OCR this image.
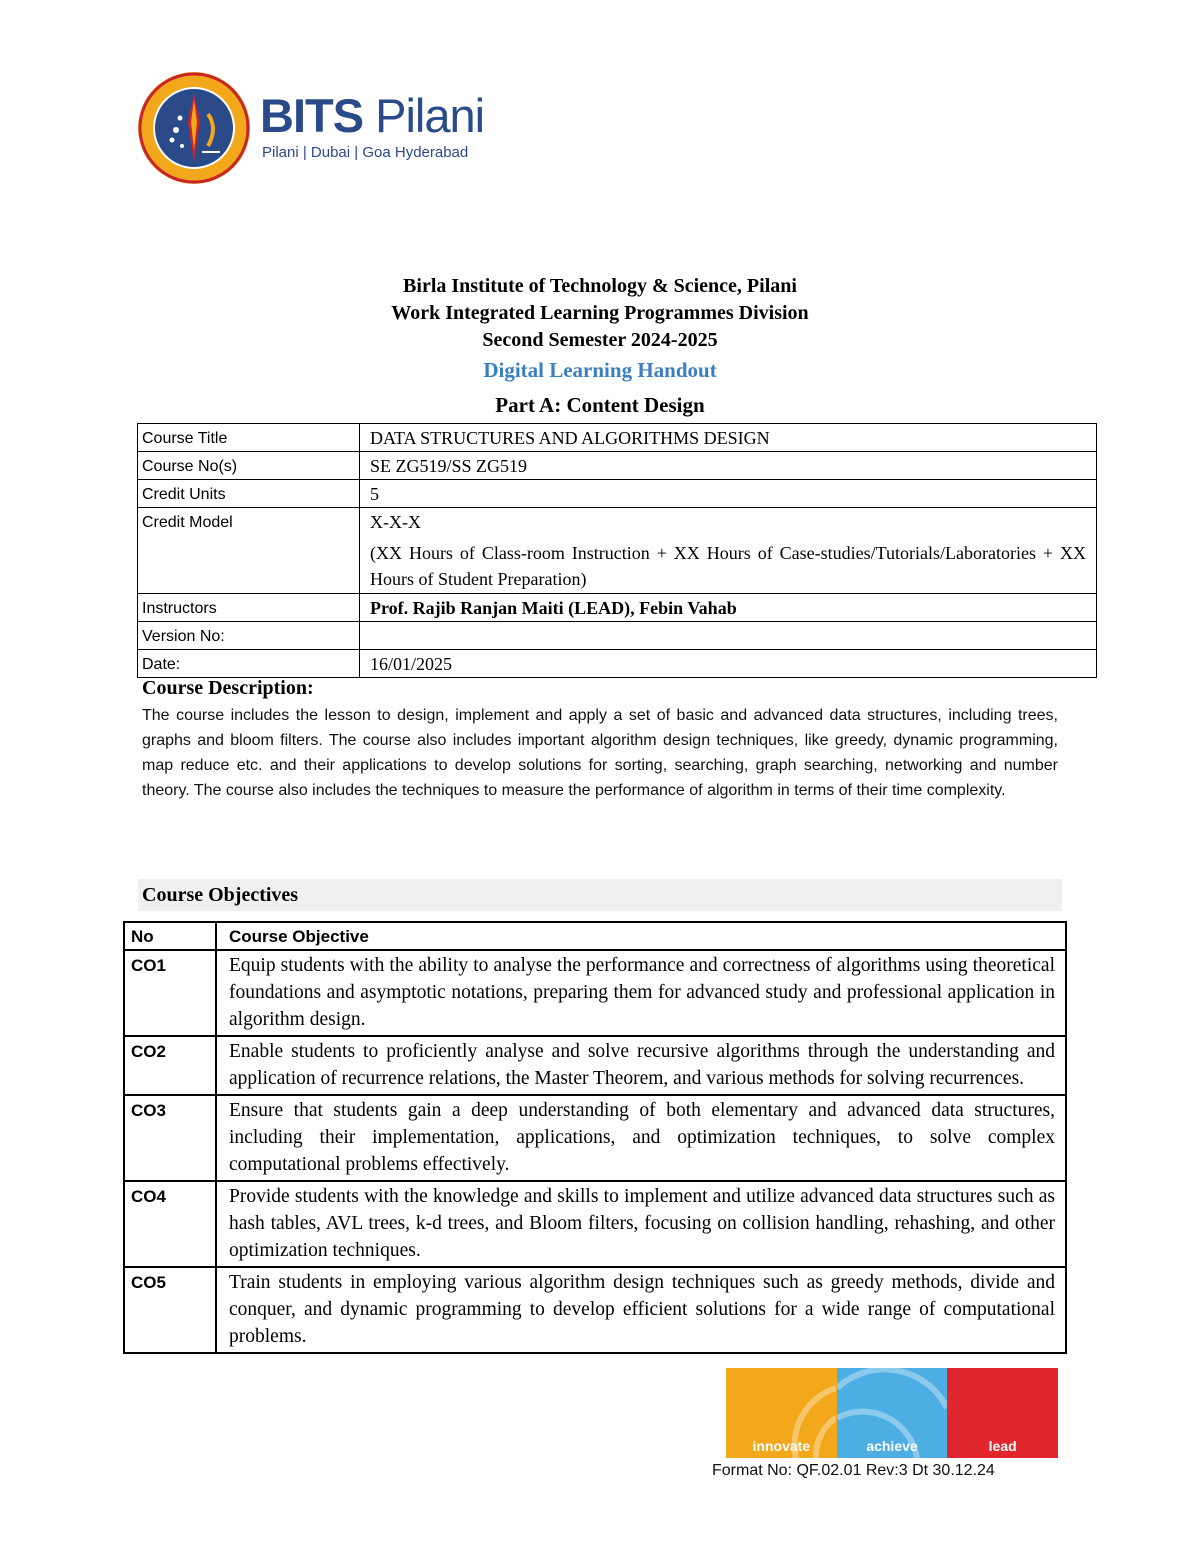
BITS Pilani
Pilani | Dubai | Goa Hyderabad
Birla Institute of Technology & Science, Pilani
Work Integrated Learning Programmes Division
Second Semester 2024-2025
Digital Learning Handout
Part A: Content Design
Course Title	DATA STRUCTURES AND ALGORITHMS DESIGN
Course No(s)	SE ZG519/SS ZG519
Credit Units	5
Credit Model	X-X-X
(XX Hours of Class-room Instruction + XX Hours of Case-studies/Tutorials/Laboratories + XX Hours of Student Preparation)

Instructors	Prof. Rajib Ranjan Maiti (LEAD), Febin Vahab
Version No:	
Date:	16/01/2025
Course Description:
The course includes the lesson to design, implement and apply a set of basic and advanced data structures, including trees, graphs and bloom filters. The course also includes important algorithm design techniques, like greedy, dynamic programming, map reduce etc. and their applications to develop solutions for sorting, searching, graph searching, networking and number theory. The course also includes the techniques to measure the performance of algorithm in terms of their time complexity.
Course Objectives
No	Course Objective
CO1	Equip students with the ability to analyse the performance and correctness of algorithms using theoretical foundations and asymptotic notations, preparing them for advanced study and professional application in algorithm design.
CO2	Enable students to proficiently analyse and solve recursive algorithms through the understanding and application of recurrence relations, the Master Theorem, and various methods for solving recurrences.
CO3	Ensure that students gain a deep understanding of both elementary and advanced data structures, including their implementation, applications, and optimization techniques, to solve complex computational problems effectively.
CO4	Provide students with the knowledge and skills to implement and utilize advanced data structures such as hash tables, AVL trees, k-d trees, and Bloom filters, focusing on collision handling, rehashing, and other optimization techniques.
CO5	Train students in employing various algorithm design techniques such as greedy methods, divide and conquer, and dynamic programming to develop efficient solutions for a wide range of computational problems.
innovate	achieve	lead
Format No: QF.02.01 Rev:3 Dt 30.12.24
